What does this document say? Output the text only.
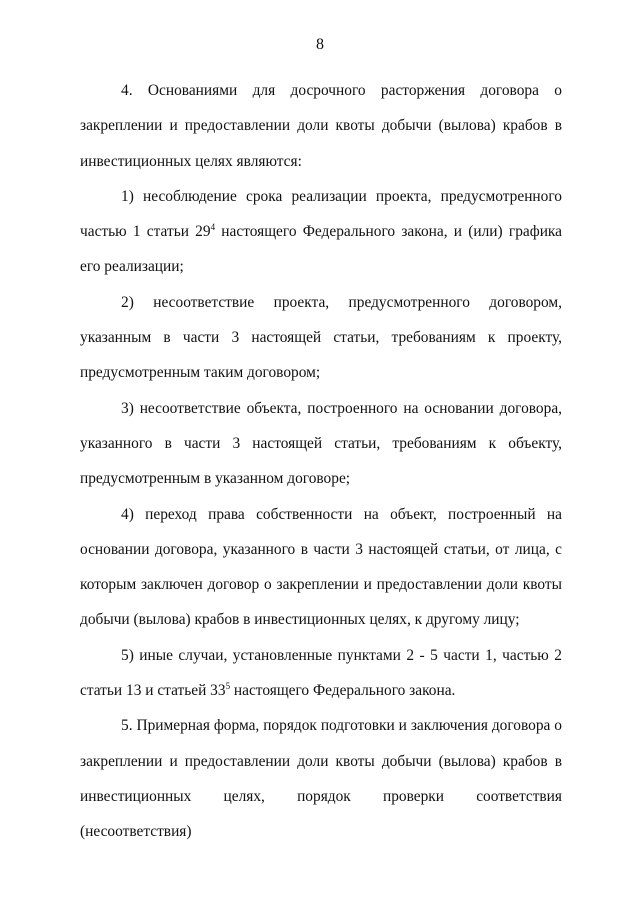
8

4. Основаниями для досрочного расторжения договора о закреплении и предоставлении доли квоты добычи (вылова) крабов в инвестиционных целях являются:

1) несоблюдение срока реализации проекта, предусмотренного частью 1 статьи $29^4$ настоящего Федерального закона, и (или) графика его реализации;

2) несоответствие проекта, предусмотренного договором, указанным в части 3 настоящей статьи, требованиям к проекту, предусмотренным таким договором;

3) несоответствие объекта, построенного на основании договора, указанного в части 3 настоящей статьи, требованиям к объекту, предусмотренным в указанном договоре;

4) переход права собственности на объект, построенный на основании договора, указанного в части 3 настоящей статьи, от лица, с которым заключен договор о закреплении и предоставлении доли квоты добычи (вылова) крабов в инвестиционных целях, к другому лицу;

5) иные случаи, установленные пунктами 2 - 5 части 1, частью 2 статьи 13 и статьей $33^5$ настоящего Федерального закона.

5. Примерная форма, порядок подготовки и заключения договора о закреплении и предоставлении доли квоты добычи (вылова) крабов в инвестиционных целях, порядок проверки соответствия (несоответствия)
